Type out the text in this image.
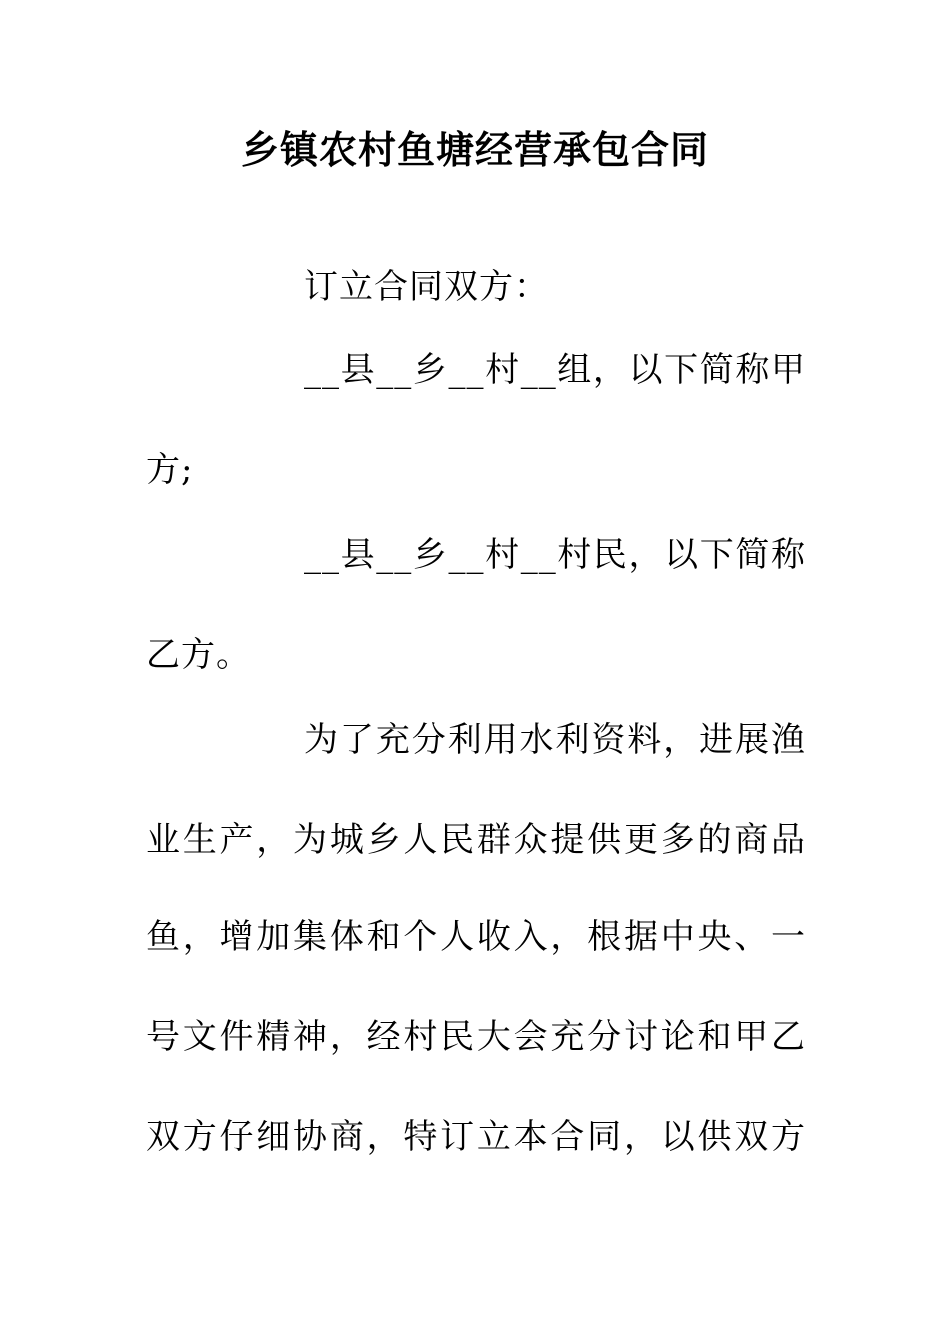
乡镇农村鱼塘经营承包合同
订立合同双方：
__县__乡__村__组，以下简称甲
方;
__县__乡__村__村民，以下简称
乙方。
为了充分利用水利资料，进展渔
业生产，为城乡人民群众提供更多的商品
鱼，增加集体和个人收入，根据中央、一
号文件精神，经村民大会充分讨论和甲乙
双方仔细协商，特订立本合同，以供双方
